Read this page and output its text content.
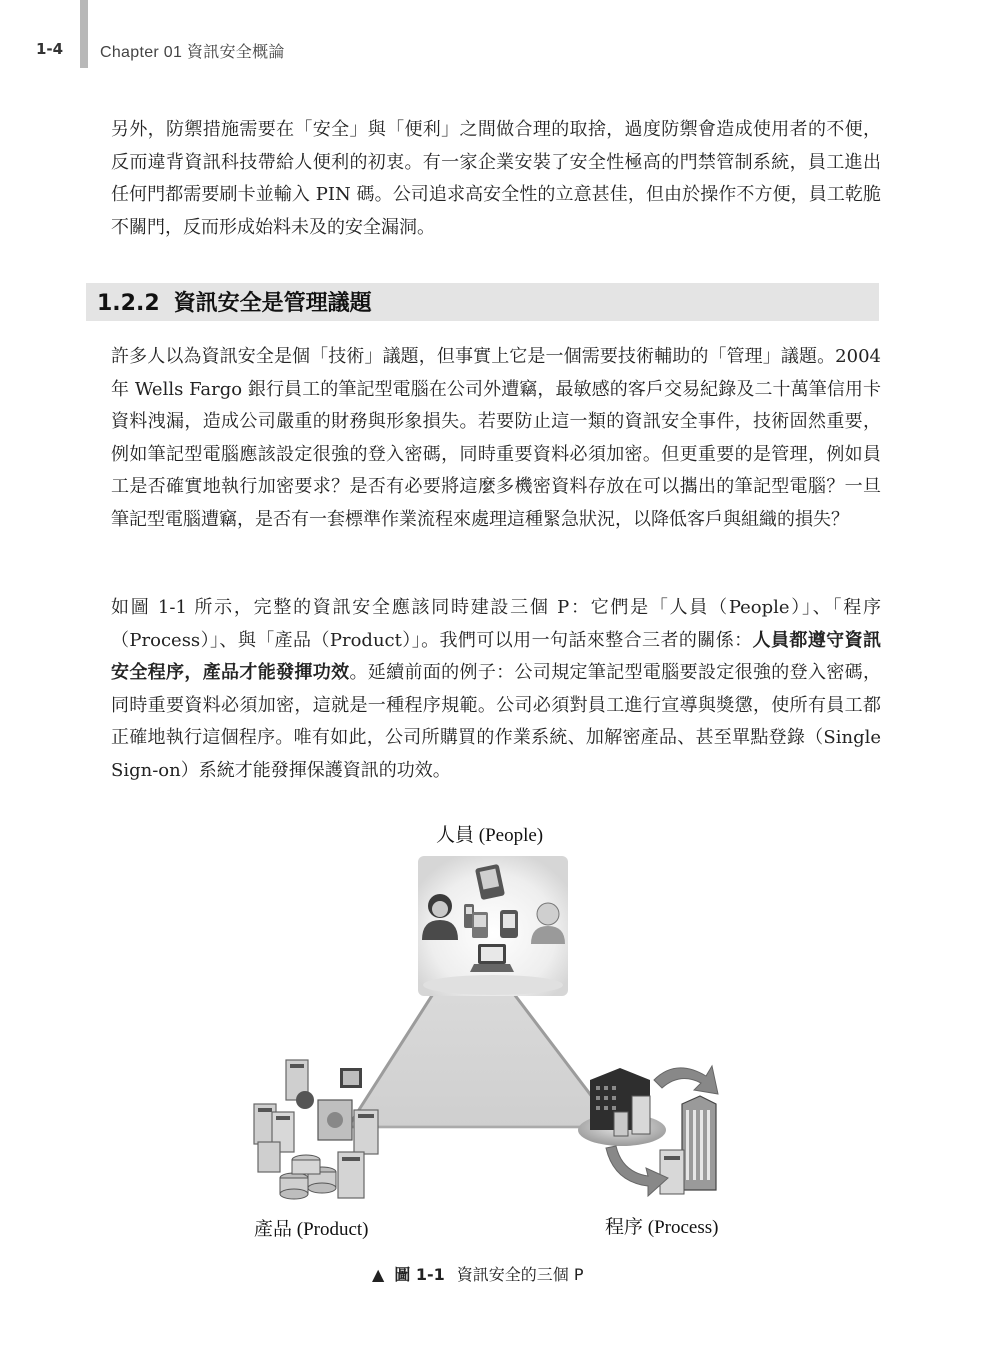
1-4 Chapter 01 資訊安全概論

另外，防禦措施需要在「安全」與「便利」之間做合理的取捨，過度防禦會造成使用者的不便，反而違背資訊科技帶給人便利的初衷。有一家企業安裝了安全性極高的門禁管制系統，員工進出任何門都需要刷卡並輸入 PIN 碼。公司追求高安全性的立意甚佳，但由於操作不方便，員工乾脆不關門，反而形成始料未及的安全漏洞。

1.2.2 資訊安全是管理議題

許多人以為資訊安全是個「技術」議題，但事實上它是一個需要技術輔助的「管理」議題。2004 年 Wells Fargo 銀行員工的筆記型電腦在公司外遭竊，最敏感的客戶交易紀錄及二十萬筆信用卡資料洩漏，造成公司嚴重的財務與形象損失。若要防止這一類的資訊安全事件，技術固然重要，例如筆記型電腦應該設定很強的登入密碼，同時重要資料必須加密。但更重要的是管理，例如員工是否確實地執行加密要求？是否有必要將這麼多機密資料存放在可以攜出的筆記型電腦？一旦筆記型電腦遭竊，是否有一套標準作業流程來處理這種緊急狀況，以降低客戶與組織的損失？

如圖 1-1 所示，完整的資訊安全應該同時建設三個 P：它們是「人員（People）」、「程序（Process）」、與「產品（Product）」。我們可以用一句話來整合三者的關係：人員都遵守資訊安全程序，產品才能發揮功效。延續前面的例子：公司規定筆記型電腦要設定很強的登入密碼，同時重要資料必須加密，這就是一種程序規範。公司必須對員工進行宣導與獎懲，使所有員工都正確地執行這個程序。唯有如此，公司所購買的作業系統、加解密產品、甚至單點登錄（Single Sign-on）系統才能發揮保護資訊的功效。

人員 (People)
產品 (Product)	程序 (Process)
▲ 圖 1-1 資訊安全的三個 P
